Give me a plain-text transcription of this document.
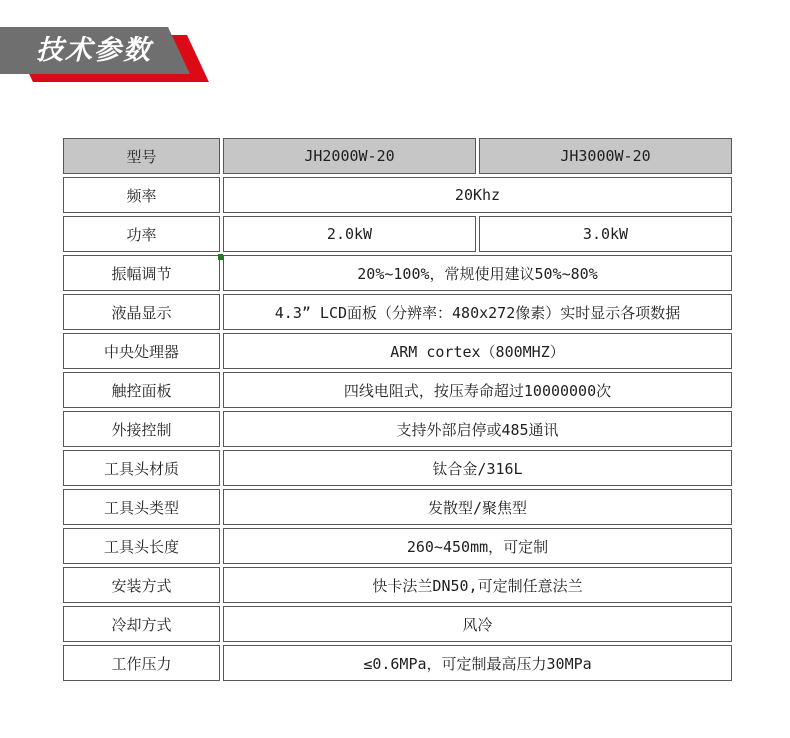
技术参数
型号	JH2000W-20	JH3000W-20
频率	20Khz	
功率	2.0kW	3.0kW
振幅调节	20%~100%，常规使用建议50%~80%	
液晶显示	4.3” LCD面板（分辨率：480x272像素）实时显示各项数据	
中央处理器	ARM cortex（800MHZ）	
触控面板	四线电阻式，按压寿命超过10000000次	
外接控制	支持外部启停或485通讯	
工具头材质	钛合金/316L	
工具头类型	发散型/聚焦型	
工具头长度	260~450mm，可定制	
安装方式	快卡法兰DN50,可定制任意法兰	
冷却方式	风冷	
工作压力	≤0.6MPa，可定制最高压力30MPa	
